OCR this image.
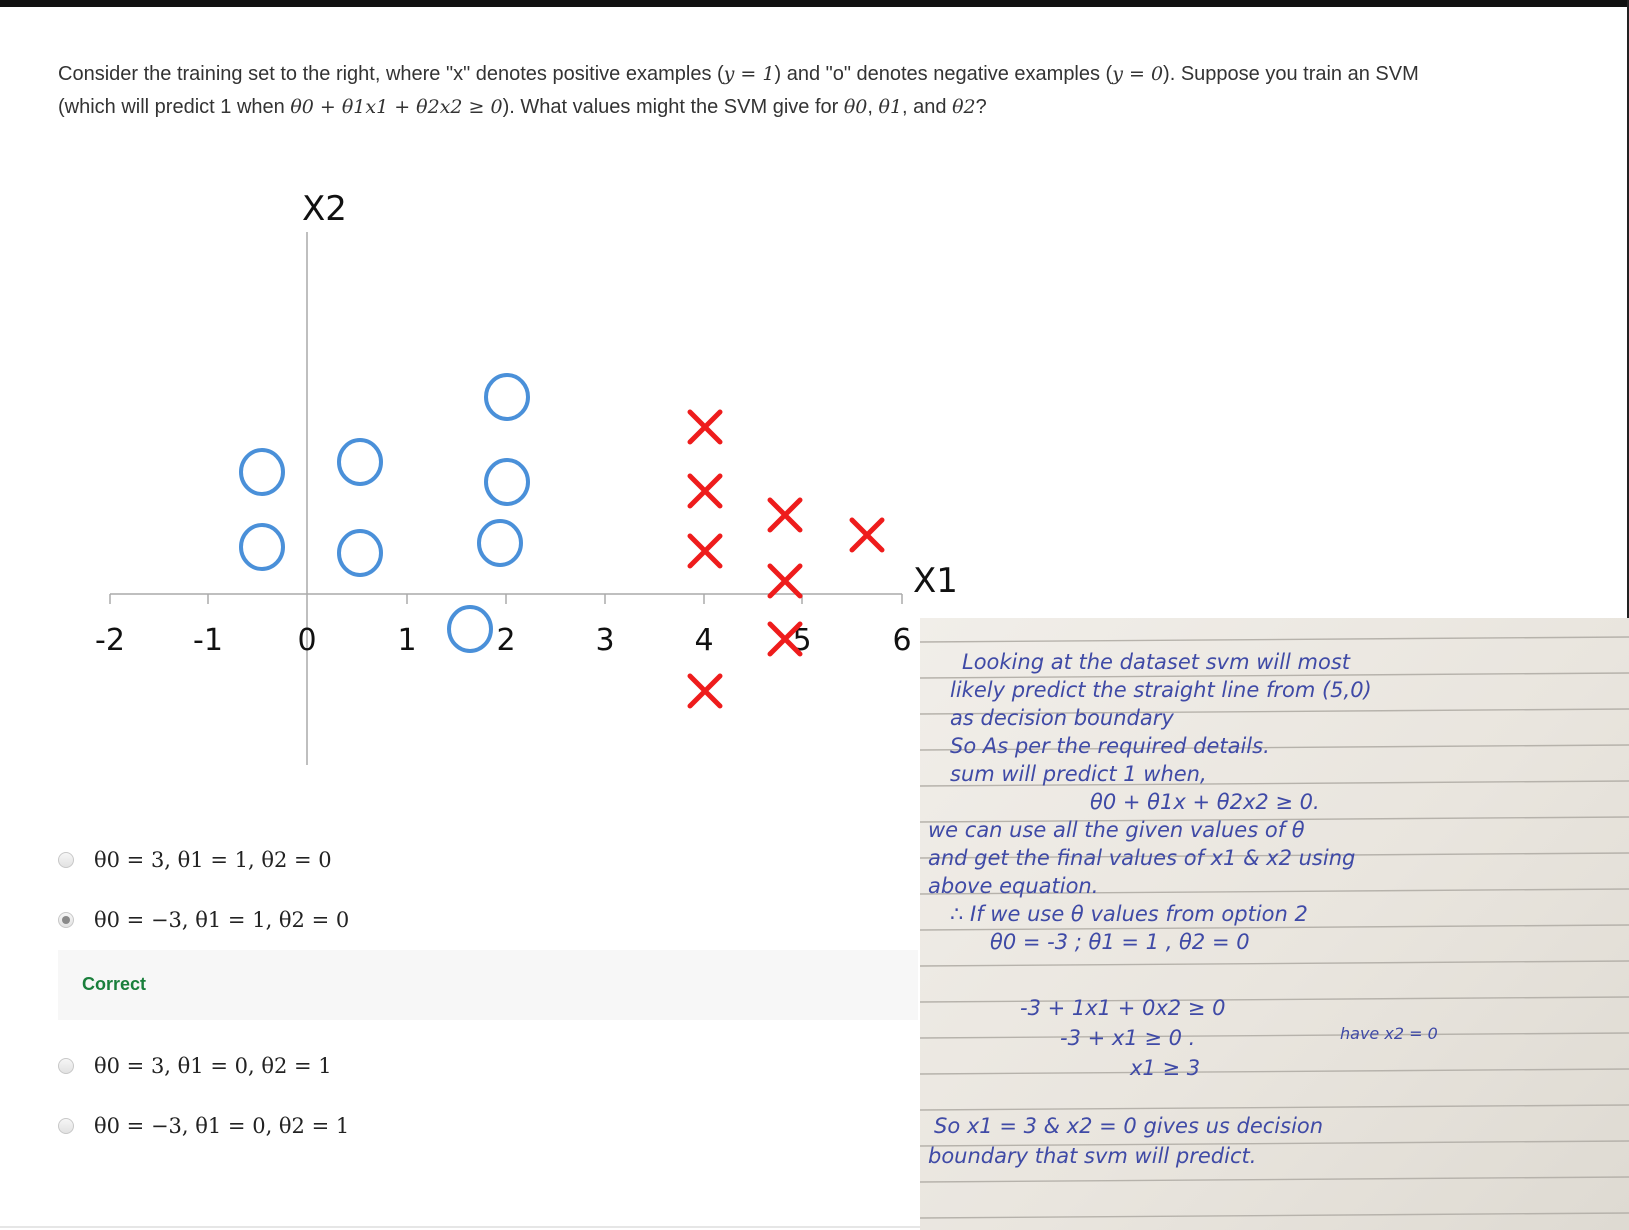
Consider the training set to the right, where "x" denotes positive examples (y = 1) and "o" denotes negative examples (y = 0). Suppose you train an SVM
(which will predict 1 when θ0 + θ1x1 + θ2x2 ≥ 0). What values might the SVM give for θ0, θ1, and θ2?
-2 -1 0	1	2	3	4	5	6
X2
X1
θ0 = 3, θ1 = 1, θ2 = 0
θ0 = −3, θ1 = 1, θ2 = 0
θ0 = 3, θ1 = 0, θ2 = 1
θ0 = −3, θ1 = 0, θ2 = 1
Correct
Looking at the dataset svm will most
likely predict the straight line from (5,0)
as decision boundary
So As per the required details.
sum will predict 1 when,
θ0 + θ1x + θ2x2 ≥ 0.
we can use all the given values of θ
and get the final values of x1 & x2 using
above equation.
∴ If we use θ values from option 2
θ0 = -3 ; θ1 = 1 , θ2 = 0
-3 + 1x1 + 0x2 ≥ 0
-3 + x1 ≥ 0 .	have x2 = 0
x1 ≥ 3
So x1 = 3 & x2 = 0 gives us decision
boundary that svm will predict.
